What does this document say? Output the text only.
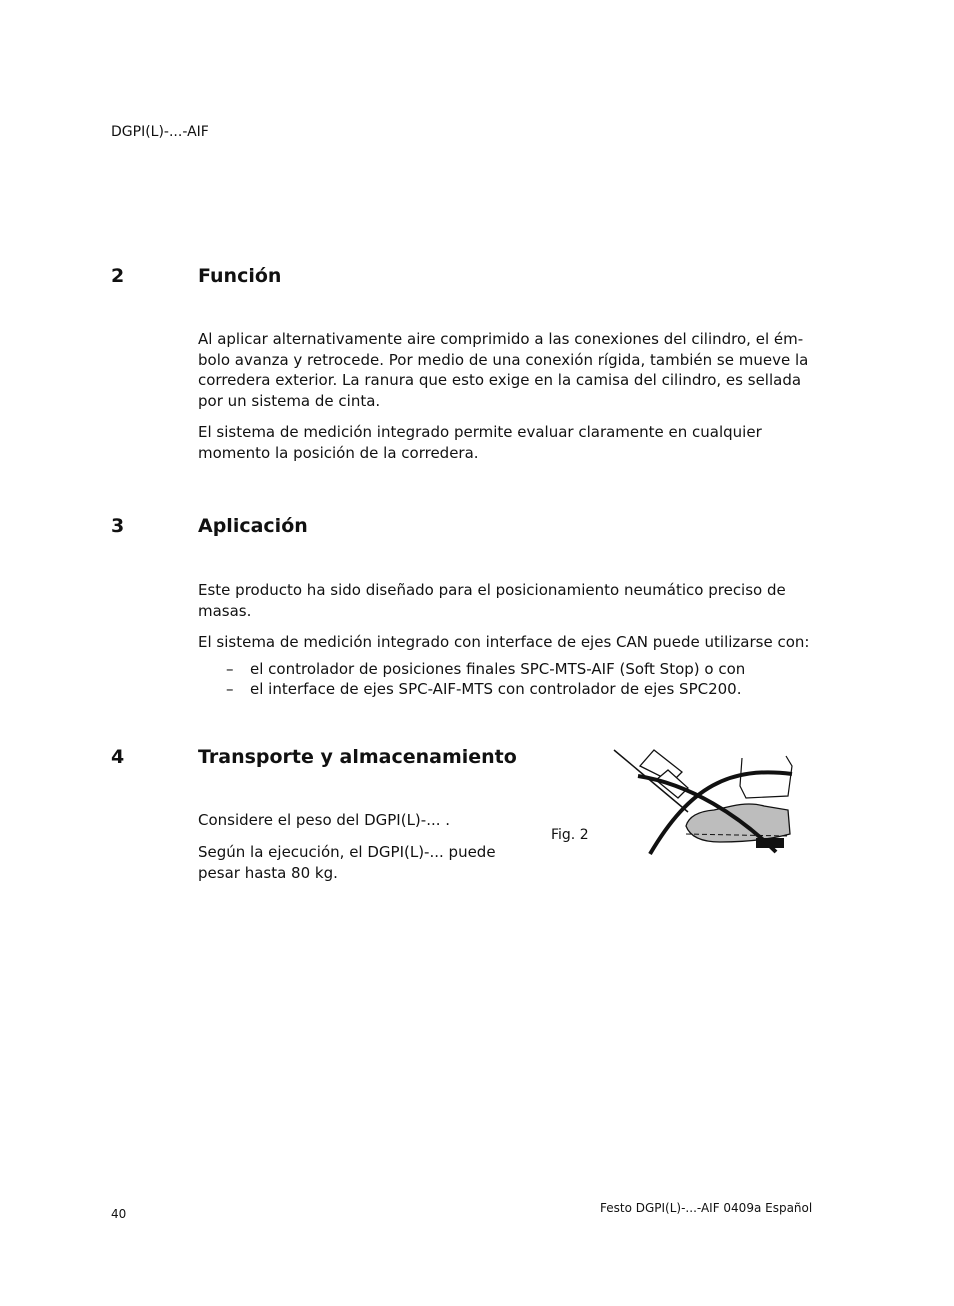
DGPI(L)-...-AIF
2	Función
Al aplicar alternativamente aire comprimido a las conexiones del cilindro, el ém-
bolo avanza y retrocede. Por medio de una conexión rígida, también se mueve la
corredera exterior. La ranura que esto exige en la camisa del cilindro, es sellada
por un sistema de cinta.
El sistema de medición integrado permite evaluar claramente en cualquier
momento la posición de la corredera.
3	Aplicación
Este producto ha sido diseñado para el posicionamiento neumático preciso de
masas.
El sistema de medición integrado con interface de ejes CAN puede utilizarse con:
– el controlador de posiciones finales SPC-MTS-AIF (Soft Stop) o con
– el interface de ejes SPC-AIF-MTS con controlador de ejes SPC200.
4	Transporte y almacenamiento
Considere el peso del DGPI(L)-... .
Según la ejecución, el DGPI(L)-... puede
pesar hasta 80 kg.
Fig. 2
40	Festo DGPI(L)-...-AIF 0409a Español
